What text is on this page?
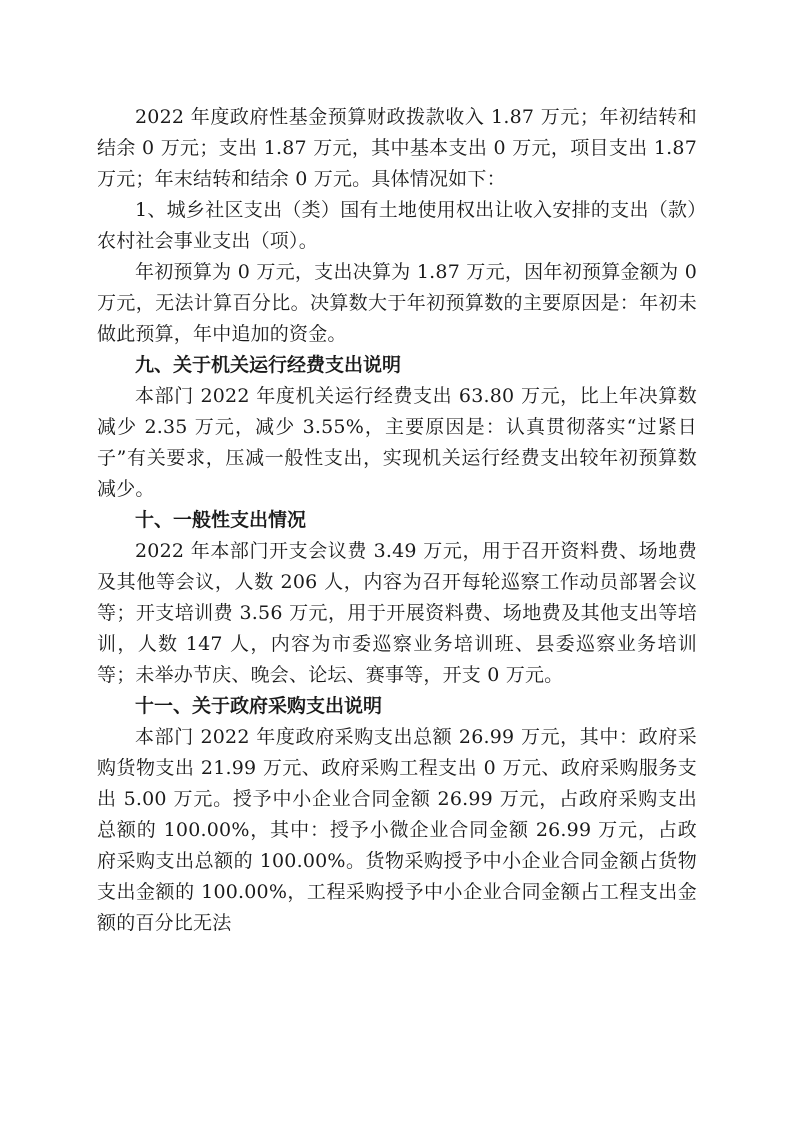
2022 年度政府性基金预算财政拨款收入 1.87 万元；年初结转和结余 0 万元；支出 1.87 万元，其中基本支出 0 万元，项目支出 1.87 万元；年末结转和结余 0 万元。具体情况如下：

1、城乡社区支出（类）国有土地使用权出让收入安排的支出（款）农村社会事业支出（项）。

年初预算为 0 万元，支出决算为 1.87 万元，因年初预算金额为 0 万元，无法计算百分比。决算数大于年初预算数的主要原因是：年初未做此预算，年中追加的资金。

九、关于机关运行经费支出说明

本部门 2022 年度机关运行经费支出 63.80 万元，比上年决算数减少 2.35 万元，减少 3.55%，主要原因是：认真贯彻落实“过紧日子”有关要求，压减一般性支出，实现机关运行经费支出较年初预算数减少。

十、一般性支出情况

2022 年本部门开支会议费 3.49 万元，用于召开资料费、场地费及其他等会议，人数 206 人，内容为召开每轮巡察工作动员部署会议等；开支培训费 3.56 万元，用于开展资料费、场地费及其他支出等培训，人数 147 人，内容为市委巡察业务培训班、县委巡察业务培训等；未举办节庆、晚会、论坛、赛事等，开支 0 万元。

十一、关于政府采购支出说明

本部门 2022 年度政府采购支出总额 26.99 万元，其中：政府采购货物支出 21.99 万元、政府采购工程支出 0 万元、政府采购服务支出 5.00 万元。授予中小企业合同金额 26.99 万元，占政府采购支出总额的 100.00%，其中：授予小微企业合同金额 26.99 万元，占政府采购支出总额的 100.00%。货物采购授予中小企业合同金额占货物支出金额的 100.00%，工程采购授予中小企业合同金额占工程支出金额的百分比无法
